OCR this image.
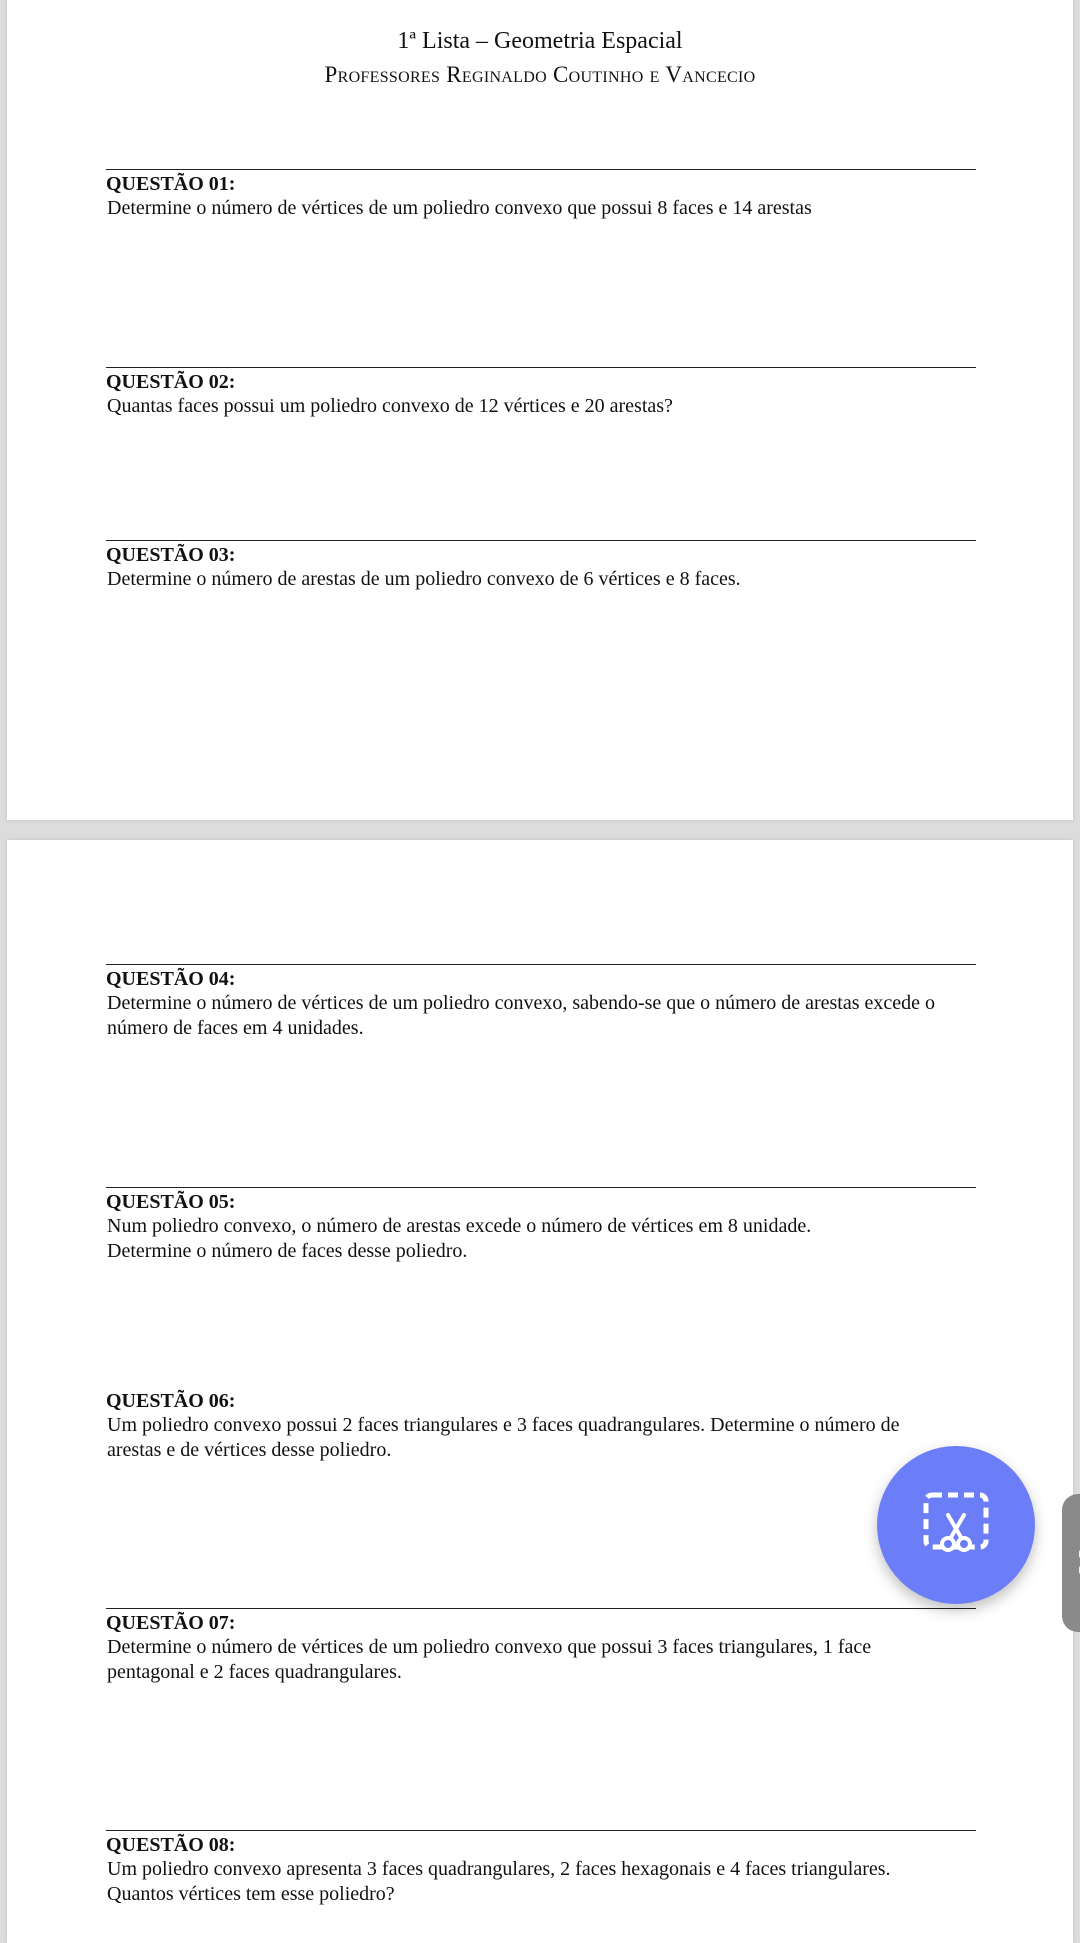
1ª Lista – Geometria Espacial
Professores Reginaldo Coutinho e Vancecio
QUESTÃO 01:
Determine o número de vértices de um poliedro convexo que possui 8 faces e 14 arestas
QUESTÃO 02:
Quantas faces possui um poliedro convexo de 12 vértices e 20 arestas?
QUESTÃO 03:
Determine o número de arestas de um poliedro convexo de 6 vértices e 8 faces.
QUESTÃO 04:
Determine o número de vértices de um poliedro convexo, sabendo-se que o número de arestas excede o
número de faces em 4 unidades.
QUESTÃO 05:
Num poliedro convexo, o número de arestas excede o número de vértices em 8 unidade.
Determine o número de faces desse poliedro.
QUESTÃO 06:
Um poliedro convexo possui 2 faces triangulares e 3 faces quadrangulares. Determine o número de
arestas e de vértices desse poliedro.
QUESTÃO 07:
Determine o número de vértices de um poliedro convexo que possui 3 faces triangulares, 1 face
pentagonal e 2 faces quadrangulares.
QUESTÃO 08:
Um poliedro convexo apresenta 3 faces quadrangulares, 2 faces hexagonais e 4 faces triangulares.
Quantos vértices tem esse poliedro?
